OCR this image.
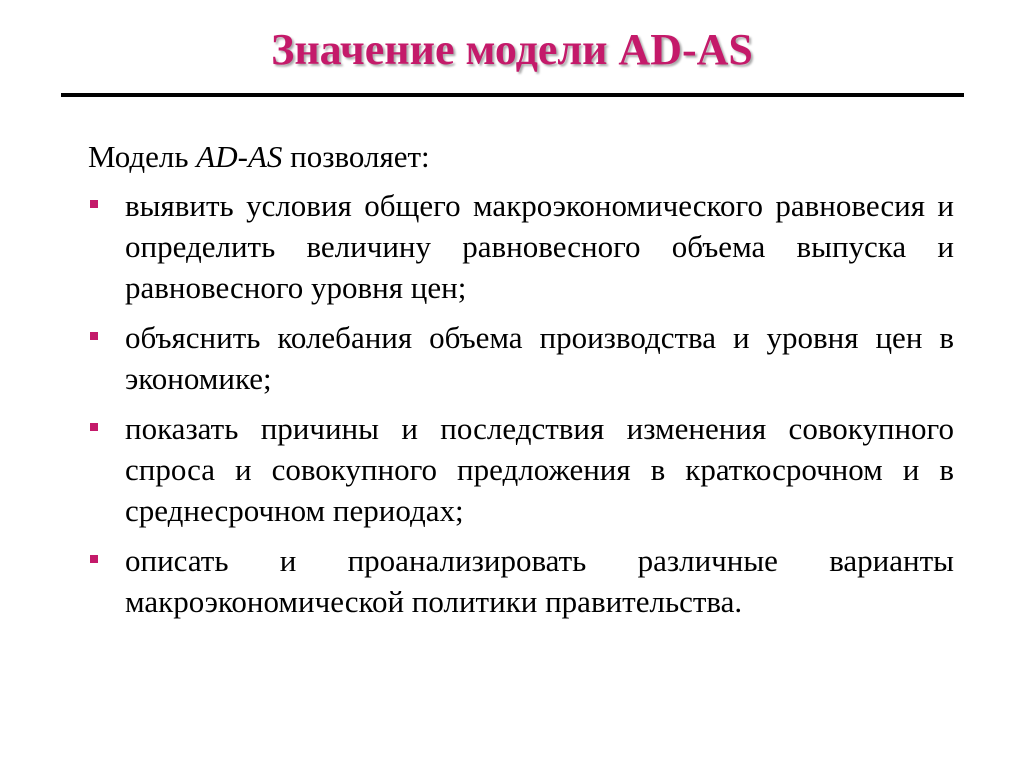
Значение модели AD-AS

Модель AD-AS позволяет:

выявить условия общего макроэкономического равновесия и определить величину равновесного объема выпуска и равновесного уровня цен;
объяснить колебания объема производства и уровня цен в экономике;
показать причины и последствия изменения совокупного спроса и совокупного предложения в краткосрочном и в среднесрочном периодах;
описать и проанализировать различные варианты макроэкономической политики правительства.
